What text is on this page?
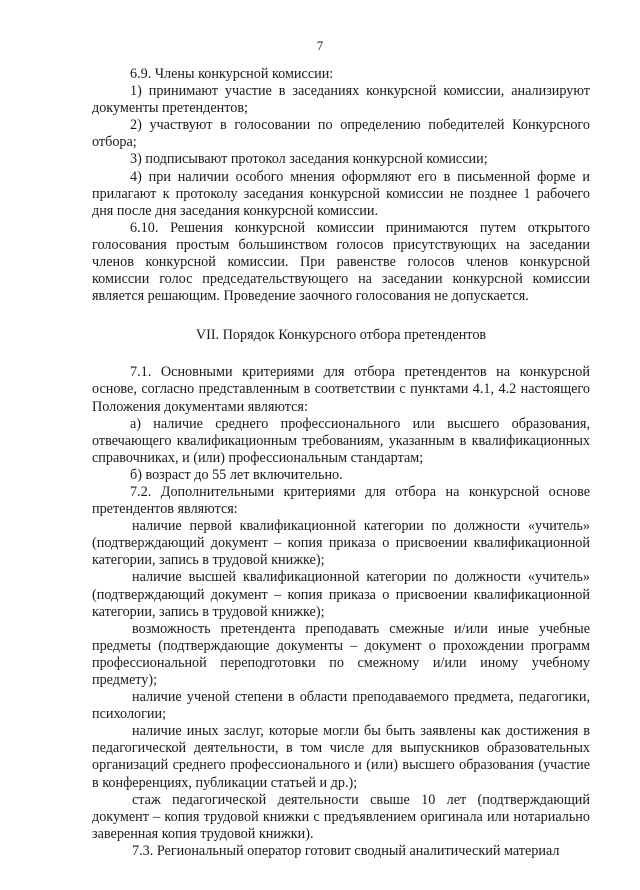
7

6.9. Члены конкурсной комиссии:

1) принимают участие в заседаниях конкурсной комиссии, анализируют документы претендентов;

2) участвуют в голосовании по определению победителей Конкурсного отбора;

3) подписывают протокол заседания конкурсной комиссии;

4) при наличии особого мнения оформляют его в письменной форме и прилагают к протоколу заседания конкурсной комиссии не позднее 1 рабочего дня после дня заседания конкурсной комиссии.

6.10. Решения конкурсной комиссии принимаются путем открытого голосования простым большинством голосов присутствующих на заседании членов конкурсной комиссии. При равенстве голосов членов конкурсной комиссии голос председательствующего на заседании конкурсной комиссии является решающим. Проведение заочного голосования не допускается.

VII. Порядок Конкурсного отбора претендентов

7.1. Основными критериями для отбора претендентов на конкурсной основе, согласно представленным в соответствии с пунктами 4.1, 4.2 настоящего Положения документами являются:

а) наличие среднего профессионального или высшего образования, отвечающего квалификационным требованиям, указанным в квалификационных справочниках, и (или) профессиональным стандартам;

б) возраст до 55 лет включительно.

7.2. Дополнительными критериями для отбора на конкурсной основе претендентов являются:

наличие первой квалификационной категории по должности «учитель» (подтверждающий документ – копия приказа о присвоении квалификационной категории, запись в трудовой книжке);

наличие высшей квалификационной категории по должности «учитель» (подтверждающий документ – копия приказа о присвоении квалификационной категории, запись в трудовой книжке);

возможность претендента преподавать смежные и/или иные учебные предметы (подтверждающие документы – документ о прохождении программ профессиональной переподготовки по смежному и/или иному учебному предмету);

наличие ученой степени в области преподаваемого предмета, педагогики, психологии;

наличие иных заслуг, которые могли бы быть заявлены как достижения в педагогической деятельности, в том числе для выпускников образовательных организаций среднего профессионального и (или) высшего образования (участие в конференциях, публикации статьей и др.);

стаж педагогической деятельности свыше 10 лет (подтверждающий документ – копия трудовой книжки с предъявлением оригинала или нотариально заверенная копия трудовой книжки).

7.3. Региональный оператор готовит сводный аналитический материал
